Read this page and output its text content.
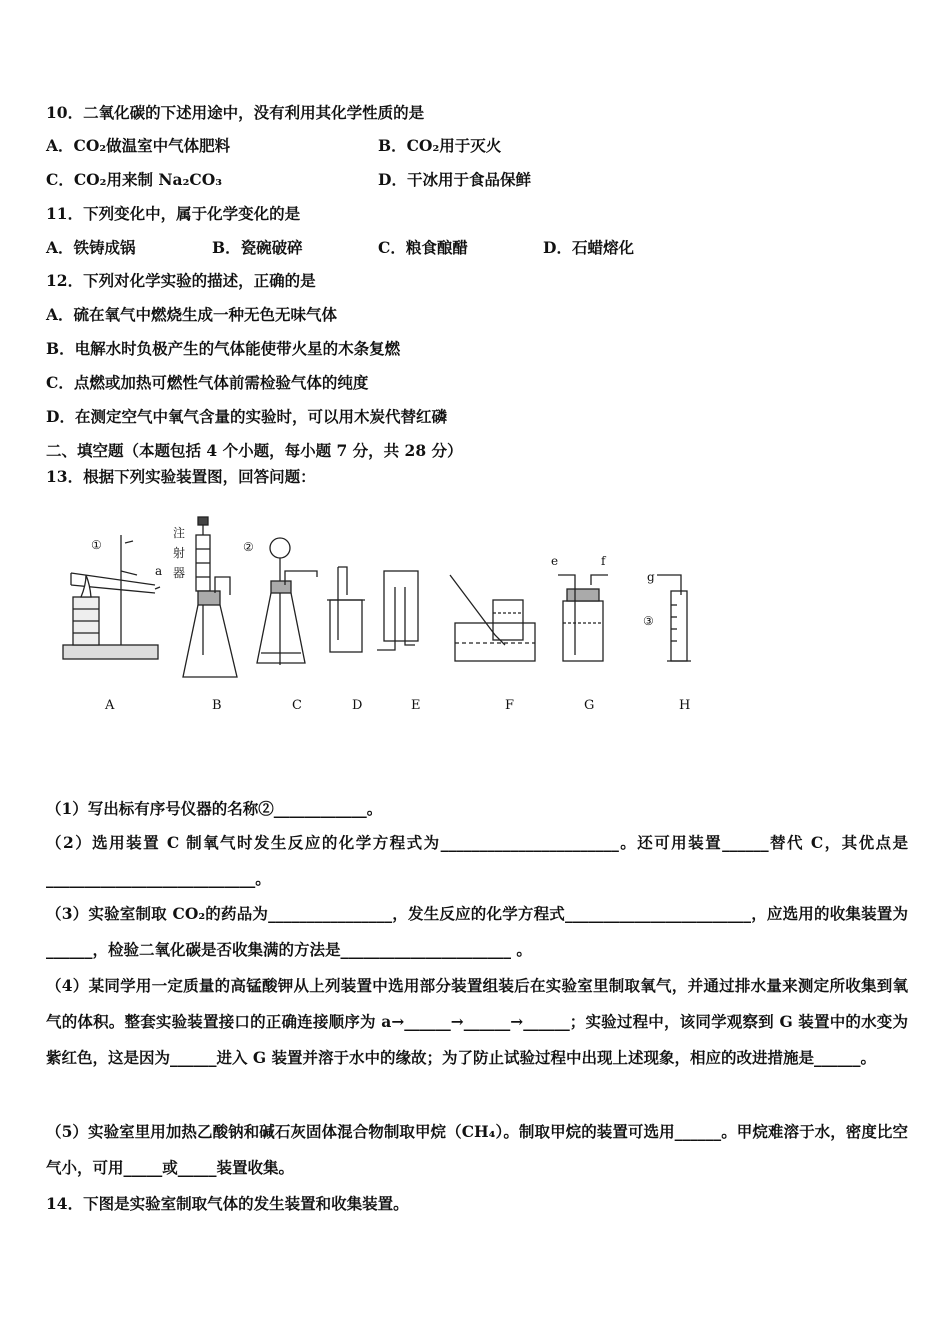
10．二氧化碳的下述用途中，没有利用其化学性质的是
A．CO₂做温室中气体肥料	B．CO₂用于灭火
C．CO₂用来制 Na₂CO₃	D．干冰用于食品保鲜
11．下列变化中，属于化学变化的是
A．铁铸成锅	B．瓷碗破碎	C．粮食酿醋	D．石蜡熔化
12．下列对化学实验的描述，正确的是
A．硫在氧气中燃烧生成一种无色无味气体
B．电解水时负极产生的气体能使带火星的木条复燃
C．点燃或加热可燃性气体前需检验气体的纯度
D．在测定空气中氧气含量的实验时，可以用木炭代替红磷
二、填空题（本题包括 4 个小题，每小题 7 分，共 28 分）
13．根据下列实验装置图，回答问题：
①
a
注
射
器
②
e	f
g
③
A	B	C	D	E	F	G	H
（1）写出标有序号仪器的名称②____________。
（2）选用装置 C 制氧气时发生反应的化学方程式为_______________________。还可用装置______替代 C，其优点是___________________________。
（3）实验室制取 CO₂的药品为________________，发生反应的化学方程式________________________，应选用的收集装置为______，检验二氧化碳是否收集满的方法是______________________ 。
（4）某同学用一定质量的高锰酸钾从上列装置中选用部分装置组装后在实验室里制取氧气，并通过排水量来测定所收集到氧气的体积。整套实验装置接口的正确连接顺序为 a→______→______→______；实验过程中，该同学观察到 G 装置中的水变为紫红色，这是因为______进入 G 装置并溶于水中的缘故；为了防止试验过程中出现上述现象，相应的改进措施是______。
（5）实验室里用加热乙酸钠和碱石灰固体混合物制取甲烷（CH₄）。制取甲烷的装置可选用______。甲烷难溶于水，密度比空气小，可用_____或_____装置收集。
14．下图是实验室制取气体的发生装置和收集装置。
